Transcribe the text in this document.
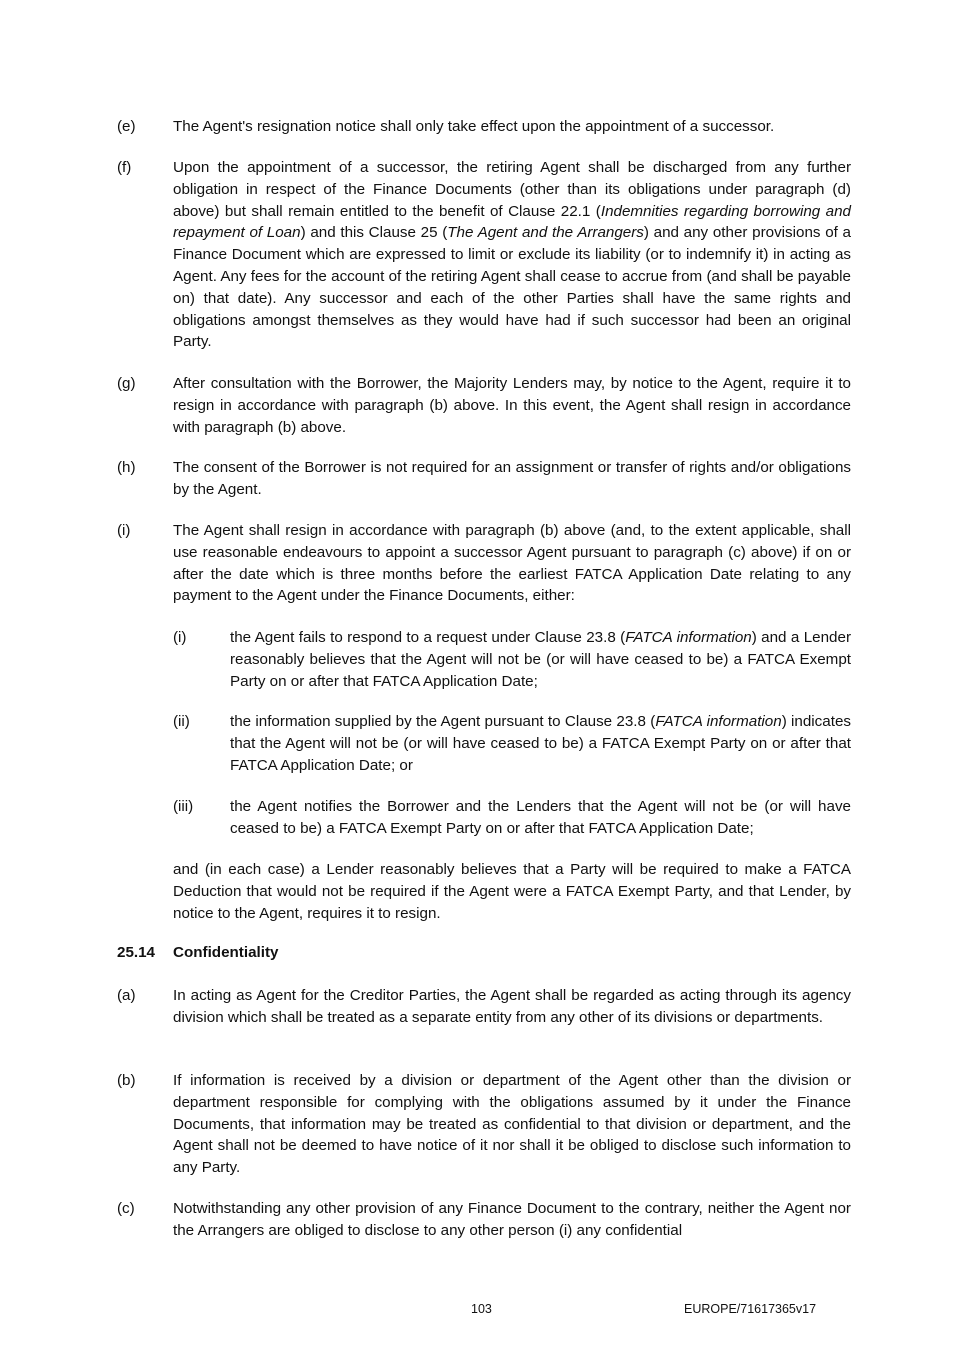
(e) The Agent's resignation notice shall only take effect upon the appointment of a successor.
(f)	Upon the appointment of a successor, the retiring Agent shall be discharged from any further obligation in respect of the Finance Documents (other than its obligations under paragraph (d) above) but shall remain entitled to the benefit of Clause 22.1 (Indemnities regarding borrowing and repayment of Loan) and this Clause 25 (The Agent and the Arrangers) and any other provisions of a Finance Document which are expressed to limit or exclude its liability (or to indemnify it) in acting as Agent. Any fees for the account of the retiring Agent shall cease to accrue from (and shall be payable on) that date). Any successor and each of the other Parties shall have the same rights and obligations amongst themselves as they would have had if such successor had been an original Party.
(g) After consultation with the Borrower, the Majority Lenders may, by notice to the Agent, require it to resign in accordance with paragraph (b) above. In this event, the Agent shall resign in accordance with paragraph (b) above.
(h) The consent of the Borrower is not required for an assignment or transfer of rights and/or obligations by the Agent.
(i)	The Agent shall resign in accordance with paragraph (b) above (and, to the extent applicable, shall use reasonable endeavours to appoint a successor Agent pursuant to paragraph (c) above) if on or after the date which is three months before the earliest FATCA Application Date relating to any payment to the Agent under the Finance Documents, either:
(i)	the Agent fails to respond to a request under Clause 23.8 (FATCA information) and a Lender reasonably believes that the Agent will not be (or will have ceased to be) a FATCA Exempt Party on or after that FATCA Application Date;
(ii)	the information supplied by the Agent pursuant to Clause 23.8 (FATCA information) indicates that the Agent will not be (or will have ceased to be) a FATCA Exempt Party on or after that FATCA Application Date; or
(iii) the Agent notifies the Borrower and the Lenders that the Agent will not be (or will have ceased to be) a FATCA Exempt Party on or after that FATCA Application Date;
and (in each case) a Lender reasonably believes that a Party will be required to make a FATCA Deduction that would not be required if the Agent were a FATCA Exempt Party, and that Lender, by notice to the Agent, requires it to resign.
25.14 Confidentiality
(a) In acting as Agent for the Creditor Parties, the Agent shall be regarded as acting through its agency division which shall be treated as a separate entity from any other of its divisions or departments.
(b) If information is received by a division or department of the Agent other than the division or department responsible for complying with the obligations assumed by it under the Finance Documents, that information may be treated as confidential to that division or department, and the Agent shall not be deemed to have notice of it nor shall it be obliged to disclose such information to any Party.
(c)	Notwithstanding any other provision of any Finance Document to the contrary, neither the Agent nor the Arrangers are obliged to disclose to any other person (i) any confidential
103	EUROPE/71617365v17
